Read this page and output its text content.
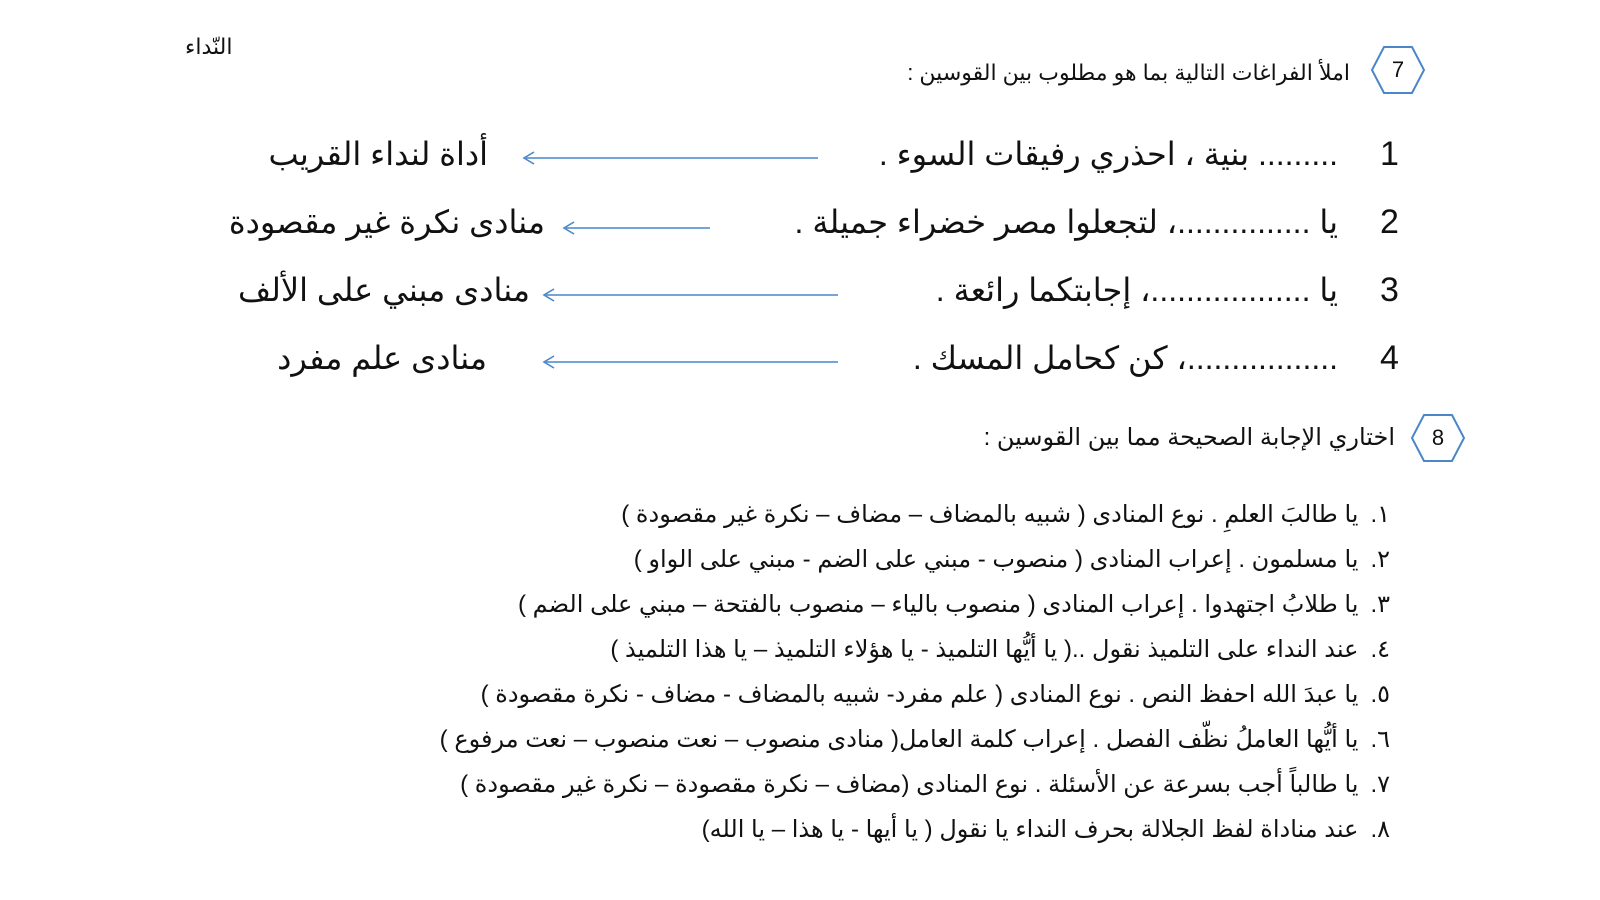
النّداء
7
املأ الفراغات التالية بما هو مطلوب بين القوسين :
1
......... بنية ، احذري رفيقات السوء .
أداة لنداء القريب
2
يا ...............، لتجعلوا مصر خضراء جميلة .
منادى نكرة غير مقصودة
3
يا ..................، إجابتكما رائعة .
منادى مبني على الألف
4
.................، كن كحامل المسك .
منادى علم مفرد
8
اختاري الإجابة الصحيحة مما بين القوسين :
١.يا طالبَ العلمِ . نوع المنادى ( شبيه بالمضاف – مضاف – نكرة غير مقصودة )
٢.يا مسلمون . إعراب المنادى ( منصوب - مبني على الضم - مبني على الواو )
٣.يا طلابُ اجتهدوا . إعراب المنادى ( منصوب بالياء – منصوب بالفتحة – مبني على الضم )
٤.عند النداء على التلميذ نقول ..( يا أيُّها التلميذ - يا هؤلاء التلميذ – يا هذا التلميذ )
٥.يا عبدَ الله احفظ النص . نوع المنادى ( علم مفرد- شبيه بالمضاف - مضاف - نكرة مقصودة )
٦.يا أيُّها العاملُ نظّف الفصل . إعراب كلمة العامل( منادى منصوب – نعت منصوب – نعت مرفوع )
٧.يا طالباً أجب بسرعة عن الأسئلة . نوع المنادى (مضاف – نكرة مقصودة – نكرة غير مقصودة )
٨.عند مناداة لفظ الجلالة بحرف النداء يا نقول ( يا أيها - يا هذا – يا الله)
